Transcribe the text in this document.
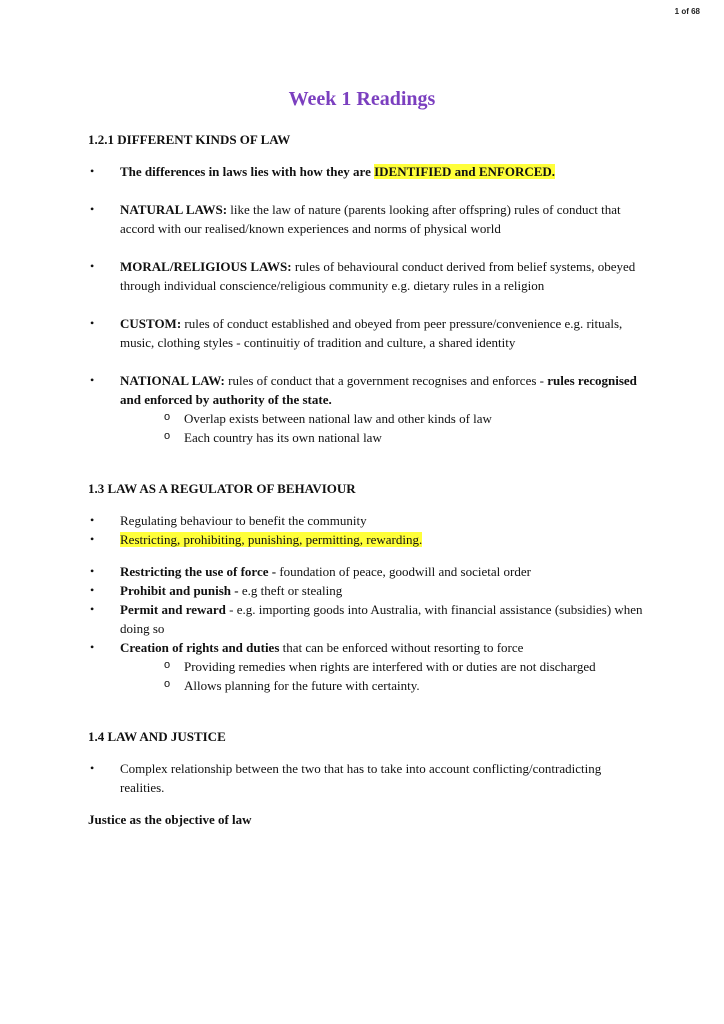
1 of 68
Week 1 Readings
1.2.1 DIFFERENT KINDS OF LAW
• The differences in laws lies with how they are IDENTIFIED and ENFORCED.
• NATURAL LAWS: like the law of nature (parents looking after offspring) rules of conduct that accord with our realised/known experiences and norms of physical world
• MORAL/RELIGIOUS LAWS: rules of behavioural conduct derived from belief systems, obeyed through individual conscience/religious community e.g. dietary rules in a religion
• CUSTOM: rules of conduct established and obeyed from peer pressure/convenience e.g. rituals, music, clothing styles - continuitiy of tradition and culture, a shared identity
• NATIONAL LAW: rules of conduct that a government recognises and enforces - rules recognised and enforced by authority of the state.
o Overlap exists between national law and other kinds of law
o Each country has its own national law
1.3 LAW AS A REGULATOR OF BEHAVIOUR
• Regulating behaviour to benefit the community
• Restricting, prohibiting, punishing, permitting, rewarding.
• Restricting the use of force - foundation of peace, goodwill and societal order
• Prohibit and punish - e.g theft or stealing
• Permit and reward - e.g. importing goods into Australia, with financial assistance (subsidies) when doing so
• Creation of rights and duties that can be enforced without resorting to force
o Providing remedies when rights are interfered with or duties are not discharged
o Allows planning for the future with certainty.
1.4 LAW AND JUSTICE
• Complex relationship between the two that has to take into account conflicting/contradicting realities.
Justice as the objective of law
